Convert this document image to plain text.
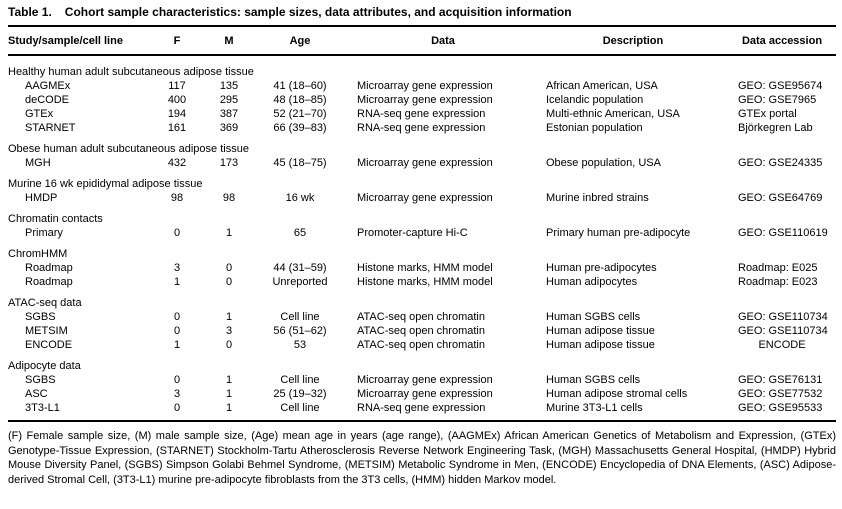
Table 1. Cohort sample characteristics: sample sizes, data attributes, and acquisition information

Study/sample/cell line	F	M	Age	Data	Description	Data accession
Healthy human adult subcutaneous adipose tissue						
AAGMEx	117	135	41 (18–60)	Microarray gene expression	African American, USA	GEO: GSE95674
deCODE	400	295	48 (18–85)	Microarray gene expression	Icelandic population	GEO: GSE7965
GTEx	194	387	52 (21–70)	RNA-seq gene expression	Multi-ethnic American, USA	GTEx portal
STARNET	161	369	66 (39–83)	RNA-seq gene expression	Estonian population	Björkegren Lab
Obese human adult subcutaneous adipose tissue						
MGH	432	173	45 (18–75)	Microarray gene expression	Obese population, USA	GEO: GSE24335
Murine 16 wk epididymal adipose tissue						
HMDP	98	98	16 wk	Microarray gene expression	Murine inbred strains	GEO: GSE64769
Chromatin contacts						
Primary	0	1	65	Promoter-capture Hi-C	Primary human pre-adipocyte	GEO: GSE110619
ChromHMM						
Roadmap	3	0	44 (31–59)	Histone marks, HMM model	Human pre-adipocytes	Roadmap: E025
Roadmap	1	0	Unreported	Histone marks, HMM model	Human adipocytes	Roadmap: E023
ATAC-seq data						
SGBS	0	1	Cell line	ATAC-seq open chromatin	Human SGBS cells	GEO: GSE110734
METSIM	0	3	56 (51–62)	ATAC-seq open chromatin	Human adipose tissue	GEO: GSE110734
ENCODE	1	0	53	ATAC-seq open chromatin	Human adipose tissue	ENCODE
Adipocyte data						
SGBS	0	1	Cell line	Microarray gene expression	Human SGBS cells	GEO: GSE76131
ASC	3	1	25 (19–32)	Microarray gene expression	Human adipose stromal cells	GEO: GSE77532
3T3-L1	0	1	Cell line	RNA-seq gene expression	Murine 3T3-L1 cells	GEO: GSE95533

(F) Female sample size, (M) male sample size, (Age) mean age in years (age range), (AAGMEx) African American Genetics of Metabolism and Expression, (GTEx) Genotype-Tissue Expression, (STARNET) Stockholm-Tartu Atherosclerosis Reverse Network Engineering Task, (MGH) Massachusetts General Hospital, (HMDP) Hybrid Mouse Diversity Panel, (SGBS) Simpson Golabi Behmel Syndrome, (METSIM) Metabolic Syndrome in Men, (ENCODE) Encyclopedia of DNA Elements, (ASC) Adipose-derived Stromal Cell, (3T3-L1) murine pre-adipocyte fibroblasts from the 3T3 cells, (HMM) hidden Markov model.
